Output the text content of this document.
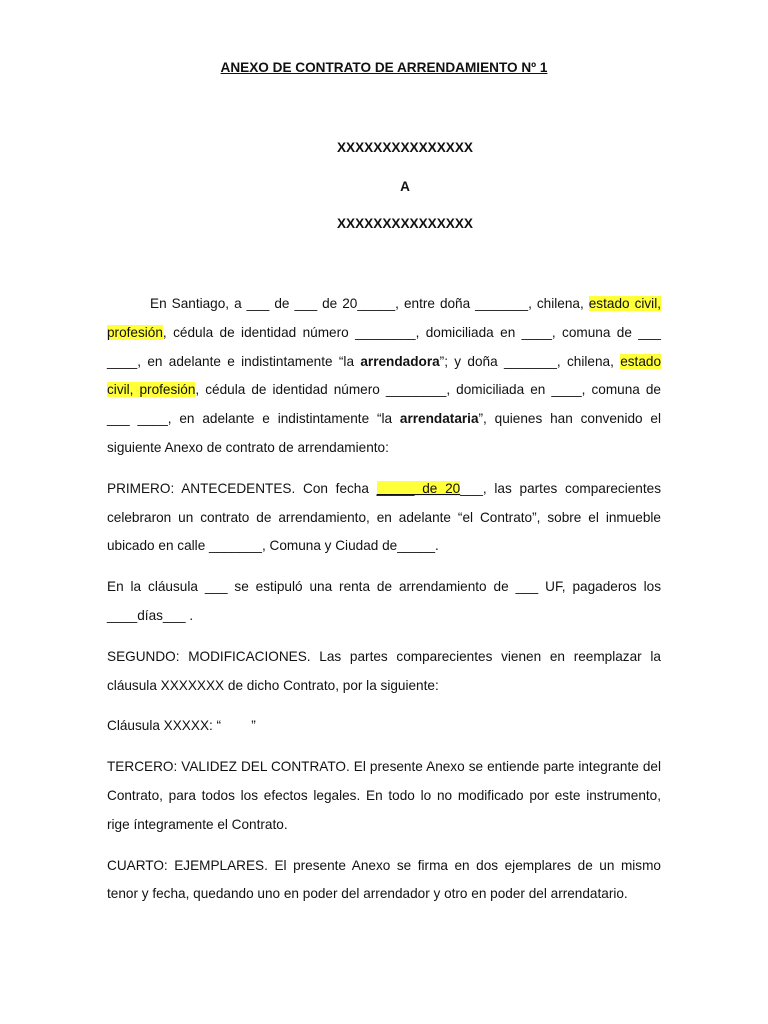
ANEXO DE CONTRATO DE ARRENDAMIENTO Nº 1
XXXXXXXXXXXXXXX
A
XXXXXXXXXXXXXXX

En Santiago, a ___ de ___ de 20_____, entre doña _______, chilena, estado civil, profesión, cédula de identidad número ________, domiciliada en ____, comuna de ___ ____, en adelante e indistintamente “la arrendadora”; y doña _______, chilena, estado civil, profesión, cédula de identidad número ________, domiciliada en ____, comuna de ___ ____, en adelante e indistintamente “la arrendataria”, quienes han convenido el siguiente Anexo de contrato de arrendamiento:

PRIMERO: ANTECEDENTES. Con fecha _____ de 20___, las partes comparecientes celebraron un contrato de arrendamiento, en adelante “el Contrato”, sobre el inmueble ubicado en calle _______, Comuna y Ciudad de_____.

En la cláusula ___ se estipuló una renta de arrendamiento de ___ UF, pagaderos los ____días___ .

SEGUNDO: MODIFICACIONES. Las partes comparecientes vienen en reemplazar la cláusula XXXXXXX de dicho Contrato, por la siguiente:

Cláusula XXXXX: “        ”

TERCERO: VALIDEZ DEL CONTRATO. El presente Anexo se entiende parte integrante del Contrato, para todos los efectos legales. En todo lo no modificado por este instrumento, rige íntegramente el Contrato.

CUARTO: EJEMPLARES. El presente Anexo se firma en dos ejemplares de un mismo tenor y fecha, quedando uno en poder del arrendador y otro en poder del arrendatario.
